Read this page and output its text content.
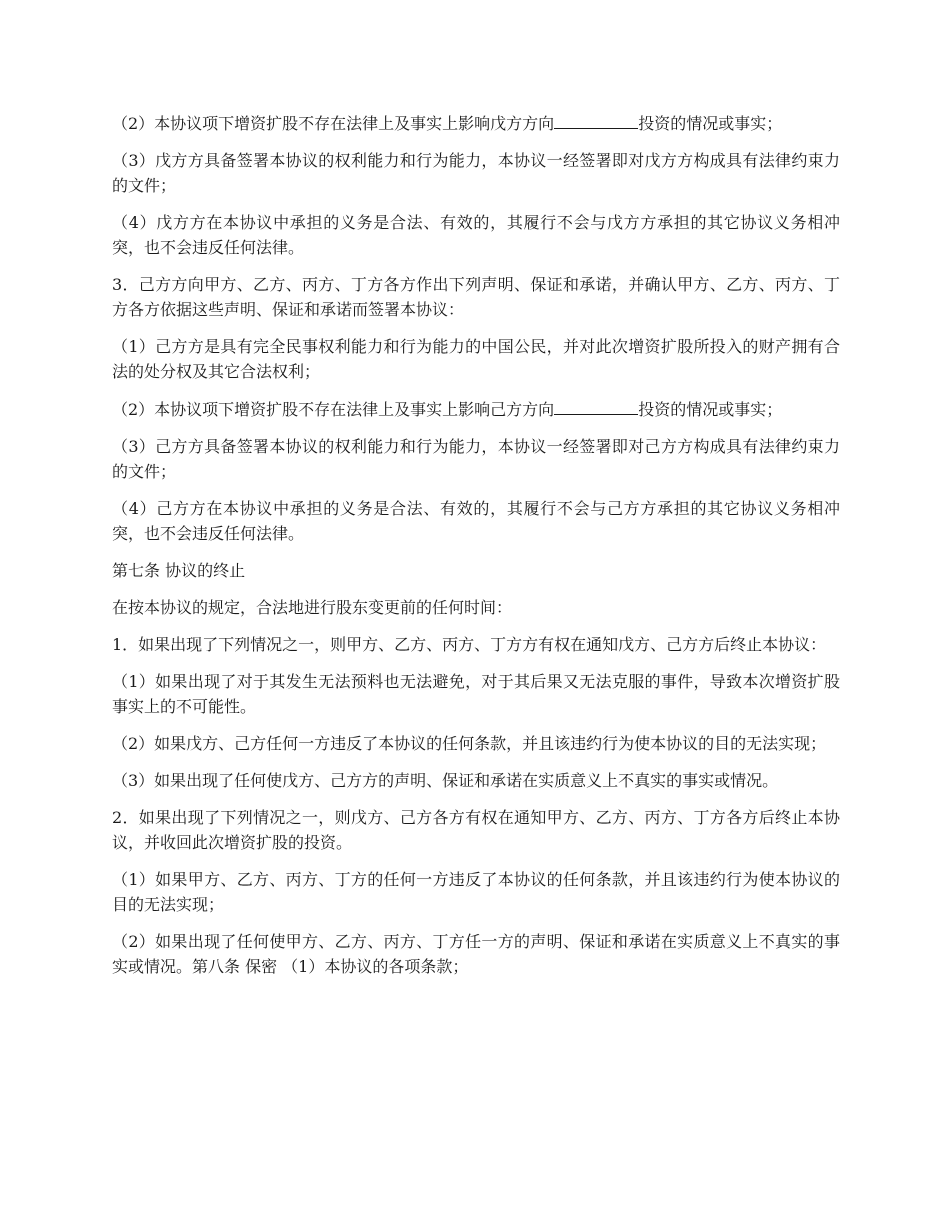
（2）本协议项下增资扩股不存在法律上及事实上影响戊方方向	投资的情况或事实；

（3）戊方方具备签署本协议的权利能力和行为能力，本协议一经签署即对戊方方构成具有法律约束力的文件；

（4）戊方方在本协议中承担的义务是合法、有效的，其履行不会与戊方方承担的其它协议义务相冲突，也不会违反任何法律。

3．己方方向甲方、乙方、丙方、丁方各方作出下列声明、保证和承诺，并确认甲方、乙方、丙方、丁方各方依据这些声明、保证和承诺而签署本协议：

（1）己方方是具有完全民事权利能力和行为能力的中国公民，并对此次增资扩股所投入的财产拥有合法的处分权及其它合法权利；

（2）本协议项下增资扩股不存在法律上及事实上影响己方方向	投资的情况或事实；

（3）己方方具备签署本协议的权利能力和行为能力，本协议一经签署即对己方方构成具有法律约束力的文件；

（4）己方方在本协议中承担的义务是合法、有效的，其履行不会与己方方承担的其它协议义务相冲突，也不会违反任何法律。

第七条 协议的终止

在按本协议的规定，合法地进行股东变更前的任何时间：

1．如果出现了下列情况之一，则甲方、乙方、丙方、丁方方有权在通知戊方、己方方后终止本协议：

（1）如果出现了对于其发生无法预料也无法避免，对于其后果又无法克服的事件，导致本次增资扩股事实上的不可能性。

（2）如果戊方、己方任何一方违反了本协议的任何条款，并且该违约行为使本协议的目的无法实现；

（3）如果出现了任何使戊方、己方方的声明、保证和承诺在实质意义上不真实的事实或情况。

2．如果出现了下列情况之一，则戊方、己方各方有权在通知甲方、乙方、丙方、丁方各方后终止本协议，并收回此次增资扩股的投资。

（1）如果甲方、乙方、丙方、丁方的任何一方违反了本协议的任何条款，并且该违约行为使本协议的目的无法实现；

（2）如果出现了任何使甲方、乙方、丙方、丁方任一方的声明、保证和承诺在实质意义上不真实的事实或情况。第八条 保密 （1）本协议的各项条款；
